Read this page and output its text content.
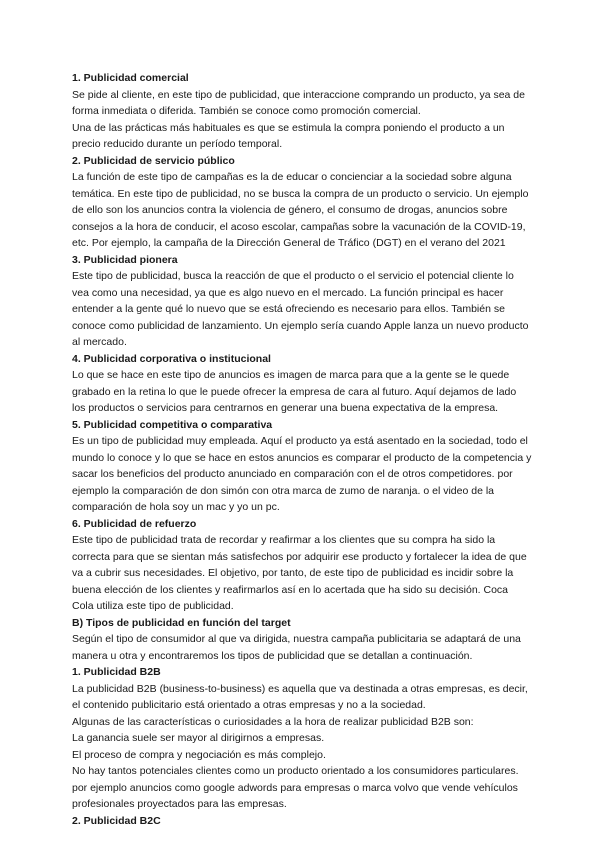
1. Publicidad comercial

Se pide al cliente, en este tipo de publicidad, que interaccione comprando un producto, ya sea de forma inmediata o diferida. También se conoce como promoción comercial.

Una de las prácticas más habituales es que se estimula la compra poniendo el producto a un precio reducido durante un período temporal.

2. Publicidad de servicio público

La función de este tipo de campañas es la de educar o concienciar a la sociedad sobre alguna temática. En este tipo de publicidad, no se busca la compra de un producto o servicio. Un ejemplo de ello son los anuncios contra la violencia de género, el consumo de drogas, anuncios sobre consejos a la hora de conducir, el acoso escolar, campañas sobre la vacunación de la COVID-19, etc. Por ejemplo, la campaña de la Dirección General de Tráfico (DGT) en el verano del 2021

3. Publicidad pionera

Este tipo de publicidad, busca la reacción de que el producto o el servicio el potencial cliente lo vea como una necesidad, ya que es algo nuevo en el mercado. La función principal es hacer entender a la gente qué lo nuevo que se está ofreciendo es necesario para ellos. También se conoce como publicidad de lanzamiento. Un ejemplo sería cuando Apple lanza un nuevo producto al mercado.

4. Publicidad corporativa o institucional

Lo que se hace en este tipo de anuncios es imagen de marca para que a la gente se le quede grabado en la retina lo que le puede ofrecer la empresa de cara al futuro. Aquí dejamos de lado los productos o servicios para centrarnos en generar una buena expectativa de la empresa.

5. Publicidad competitiva o comparativa

Es un tipo de publicidad muy empleada. Aquí el producto ya está asentado en la sociedad, todo el mundo lo conoce y lo que se hace en estos anuncios es comparar el producto de la competencia y sacar los beneficios del producto anunciado en comparación con el de otros competidores. por ejemplo la comparación de don simón con otra marca de zumo de naranja. o el video de la comparación de hola soy un mac y yo un pc.

6. Publicidad de refuerzo

Este tipo de publicidad trata de recordar y reafirmar a los clientes que su compra ha sido la correcta para que se sientan más satisfechos por adquirir ese producto y fortalecer la idea de que va a cubrir sus necesidades. El objetivo, por tanto, de este tipo de publicidad es incidir sobre la buena elección de los clientes y reafirmarlos así en lo acertada que ha sido su decisión. Coca Cola utiliza este tipo de publicidad.

B) Tipos de publicidad en función del target

Según el tipo de consumidor al que va dirigida, nuestra campaña publicitaria se adaptará de una manera u otra y encontraremos los tipos de publicidad que se detallan a continuación.

1. Publicidad B2B

La publicidad B2B (business-to-business) es aquella que va destinada a otras empresas, es decir, el contenido publicitario está orientado a otras empresas y no a la sociedad.

Algunas de las características o curiosidades a la hora de realizar publicidad B2B son:

La ganancia suele ser mayor al dirigirnos a empresas.

El proceso de compra y negociación es más complejo.

No hay tantos potenciales clientes como un producto orientado a los consumidores particulares. por ejemplo anuncios como google adwords para empresas o marca volvo que vende vehículos profesionales proyectados para las empresas.

2. Publicidad B2C
